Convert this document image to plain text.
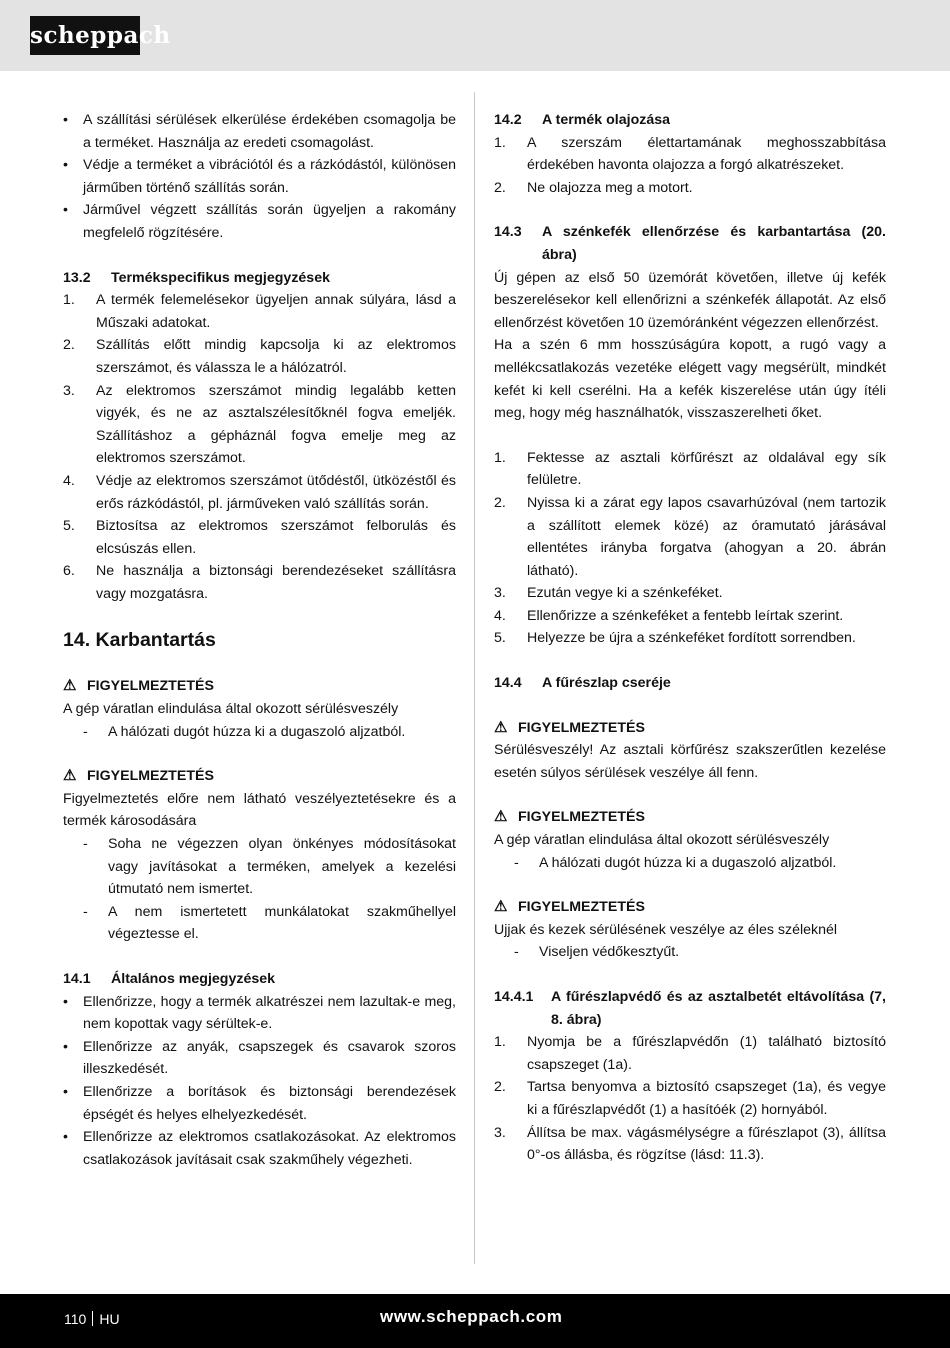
scheppach
• A szállítási sérülések elkerülése érdekében csomagolja be a terméket. Használja az eredeti csomagolást.
• Védje a terméket a vibrációtól és a rázkódástól, különösen járműben történő szállítás során.
• Járművel végzett szállítás során ügyeljen a rakomány megfelelő rögzítésére.
13.2 Termékspecifikus megjegyzések
1. A termék felemelésekor ügyeljen annak súlyára, lásd a Műszaki adatokat.
2. Szállítás előtt mindig kapcsolja ki az elektromos szerszámot, és válassza le a hálózatról.
3. Az elektromos szerszámot mindig legalább ketten vigyék, és ne az asztalszélesítőknél fogva emeljék. Szállításhoz a gépháznál fogva emelje meg az elektromos szerszámot.
4. Védje az elektromos szerszámot ütődéstől, ütközéstől és erős rázkódástól, pl. járműveken való szállítás során.
5. Biztosítsa az elektromos szerszámot felborulás és elcsúszás ellen.
6. Ne használja a biztonsági berendezéseket szállításra vagy mozgatásra.
14. Karbantartás
⚠ FIGYELMEZTETÉS
A gép váratlan elindulása által okozott sérülésveszély
- A hálózati dugót húzza ki a dugaszoló aljzatból.
⚠ FIGYELMEZTETÉS
Figyelmeztetés előre nem látható veszélyeztetésekre és a termék károsodására
- Soha ne végezzen olyan önkényes módosításokat vagy javításokat a terméken, amelyek a kezelési útmutató nem ismertet.
- A nem ismertetett munkálatokat szakműhellyel végeztesse el.
14.1 Általános megjegyzések
• Ellenőrizze, hogy a termék alkatrészei nem lazultak-e meg, nem kopottak vagy sérültek-e.
• Ellenőrizze az anyák, csapszegek és csavarok szoros illeszkedését.
• Ellenőrizze a borítások és biztonsági berendezések épségét és helyes elhelyezkedését.
• Ellenőrizze az elektromos csatlakozásokat. Az elektromos csatlakozások javításait csak szakműhely végezheti.
14.2 A termék olajozása
1. A szerszám élettartamának meghosszabbítása érdekében havonta olajozza a forgó alkatrészeket.
2. Ne olajozza meg a motort.
14.3 A szénkefék ellenőrzése és karbantartása (20. ábra)
Új gépen az első 50 üzemórát követően, illetve új kefék beszerelésekor kell ellenőrizni a szénkefék állapotát. Az első ellenőrzést követően 10 üzemóránként végezzen ellenőrzést.
Ha a szén 6 mm hosszúságúra kopott, a rugó vagy a mellékcsatlakozás vezetéke elégett vagy megsérült, mindkét kefét ki kell cserélni. Ha a kefék kiszerelése után úgy ítéli meg, hogy még használhatók, visszaszerelheti őket.
1. Fektesse az asztali körfűrészt az oldalával egy sík felületre.
2. Nyissa ki a zárat egy lapos csavarhúzóval (nem tartozik a szállított elemek közé) az óramutató járásával ellentétes irányba forgatva (ahogyan a 20. ábrán látható).
3. Ezután vegye ki a szénkeféket.
4. Ellenőrizze a szénkeféket a fentebb leírtak szerint.
5. Helyezze be újra a szénkeféket fordított sorrendben.
14.4 A fűrészlap cseréje
⚠ FIGYELMEZTETÉS
Sérülésveszély! Az asztali körfűrész szakszerűtlen kezelése esetén súlyos sérülések veszélye áll fenn.
⚠ FIGYELMEZTETÉS
A gép váratlan elindulása által okozott sérülésveszély
- A hálózati dugót húzza ki a dugaszoló aljzatból.
⚠ FIGYELMEZTETÉS
Ujjak és kezek sérülésének veszélye az éles széleknél
- Viseljen védőkesztyűt.
14.4.1 A fűrészlapvédő és az asztalbetét eltávolítása (7, 8. ábra)
1. Nyomja be a fűrészlapvédőn (1) található biztosító csapszeget (1a).
2. Tartsa benyomva a biztosító csapszeget (1a), és vegye ki a fűrészlapvédőt (1) a hasítóék (2) hornyából.
3. Állítsa be max. vágásmélységre a fűrészlapot (3), állítsa 0°-os állásba, és rögzítse (lásd: 11.3).
110 HU	www.scheppach.com
